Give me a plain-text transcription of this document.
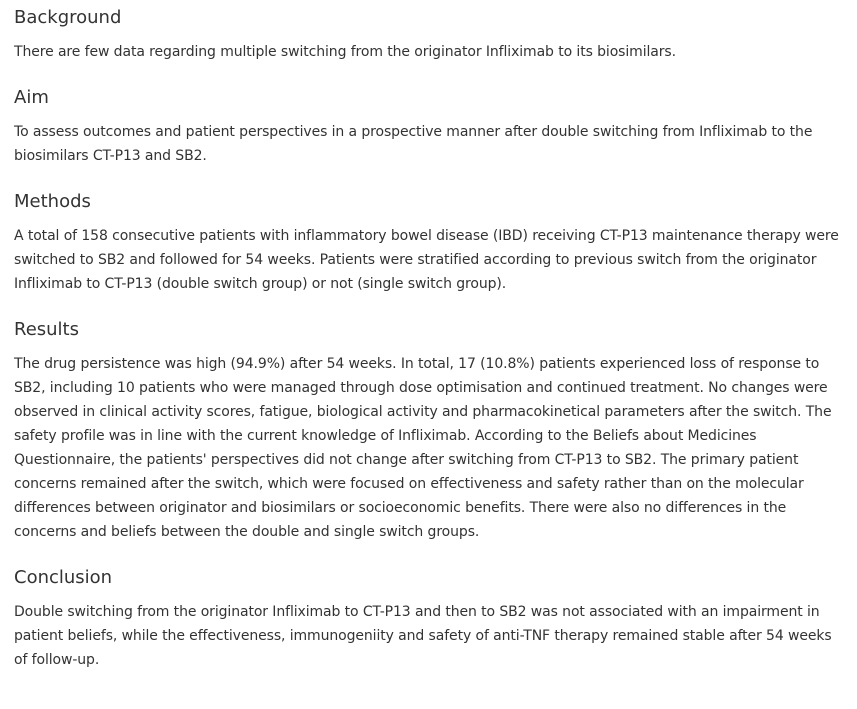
Background

There are few data regarding multiple switching from the originator Infliximab to its biosimilars.

Aim

To assess outcomes and patient perspectives in a prospective manner after double switching from Infliximab to the biosimilars CT-P13 and SB2.

Methods

A total of 158 consecutive patients with inflammatory bowel disease (IBD) receiving CT-P13 maintenance therapy were switched to SB2 and followed for 54 weeks. Patients were stratified according to previous switch from the originator Infliximab to CT-P13 (double switch group) or not (single switch group).

Results

The drug persistence was high (94.9%) after 54 weeks. In total, 17 (10.8%) patients experienced loss of response to SB2, including 10 patients who were managed through dose optimisation and continued treatment. No changes were observed in clinical activity scores, fatigue, biological activity and pharmacokinetical parameters after the switch. The safety profile was in line with the current knowledge of Infliximab. According to the Beliefs about Medicines Questionnaire, the patients' perspectives did not change after switching from CT-P13 to SB2. The primary patient concerns remained after the switch, which were focused on effectiveness and safety rather than on the molecular differences between originator and biosimilars or socioeconomic benefits. There were also no differences in the concerns and beliefs between the double and single switch groups.

Conclusion

Double switching from the originator Infliximab to CT-P13 and then to SB2 was not associated with an impairment in patient beliefs, while the effectiveness, immunogeniity and safety of anti-TNF therapy remained stable after 54 weeks of follow-up.
